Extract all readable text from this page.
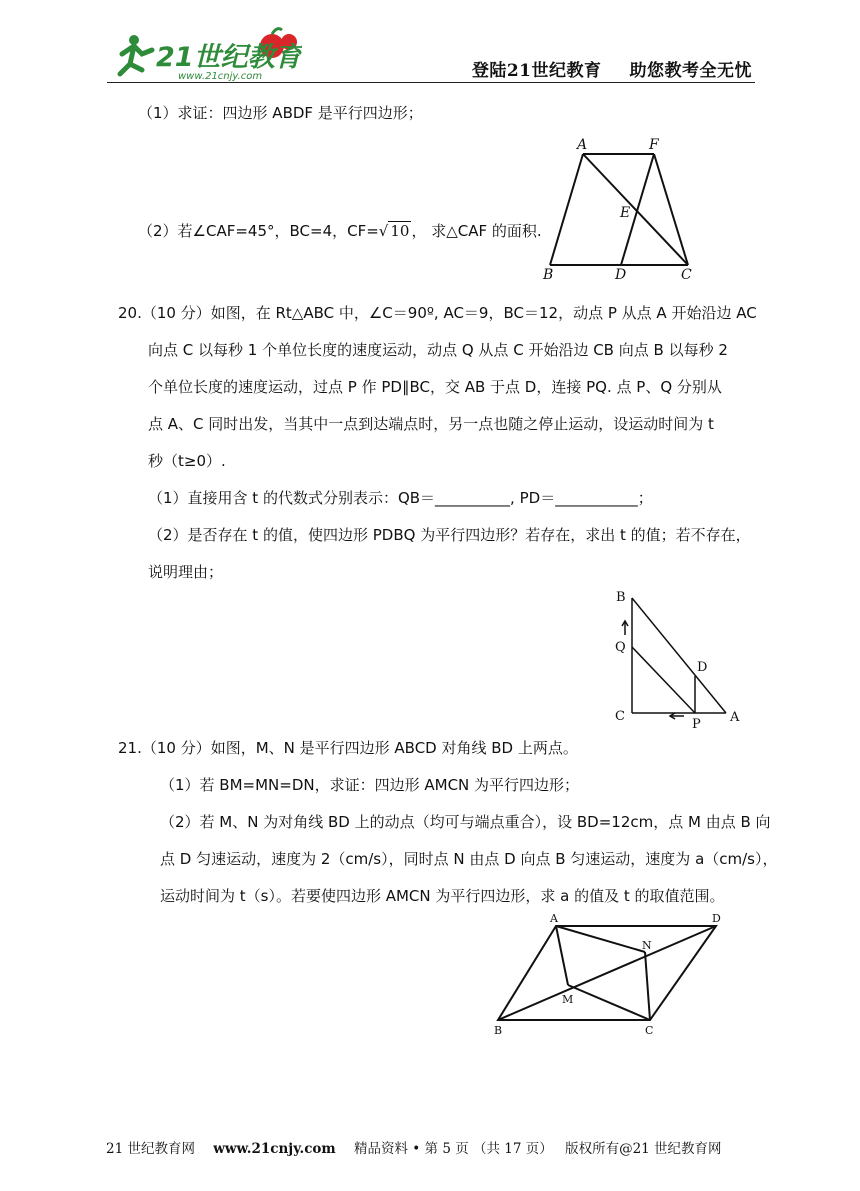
21世纪教育
www.21cnjy.com	登陆21世纪教育 助您教考全无忧
（1）求证：四边形 ABDF 是平行四边形；
（2）若∠CAF=45°，BC=4，CF=√ 10 ， 求△CAF 的面积.
A	F
E
B	D	C
20.（10 分）如图，在 Rt△ABC 中，∠C＝90º, AC＝9，BC＝12，动点 P 从点 A 开始沿边 AC
向点 C 以每秒 1 个单位长度的速度运动，动点 Q 从点 C 开始沿边 CB 向点 B 以每秒 2
个单位长度的速度运动，过点 P 作 PD∥BC，交 AB 于点 D，连接 PQ. 点 P、Q 分别从
点 A、C 同时出发，当其中一点到达端点时，另一点也随之停止运动，设运动时间为 t
秒（t≥0）.
（1）直接用含 t 的代数式分别表示：QB＝__________, PD＝___________；
（2）是否存在 t 的值，使四边形 PDBQ 为平行四边形？若存在，求出 t 的值；若不存在，
说明理由；
B
Q
D
C
P A
21.（10 分）如图，M、N 是平行四边形 ABCD 对角线 BD 上两点。
（1）若 BM=MN=DN，求证：四边形 AMCN 为平行四边形；
（2）若 M、N 为对角线 BD 上的动点（均可与端点重合），设 BD=12cm，点 M 由点 B 向
点 D 匀速运动，速度为 2（cm/s），同时点 N 由点 D 向点 B 匀速运动，速度为 a（cm/s），
运动时间为 t（s）。若要使四边形 AMCN 为平行四边形，求 a 的值及 t 的取值范围。
A	D
N
M
B	C
21 世纪教育网 www.21cnjy.com 精品资料 • 第 5 页 （共 17 页） 版权所有@21 世纪教育网
